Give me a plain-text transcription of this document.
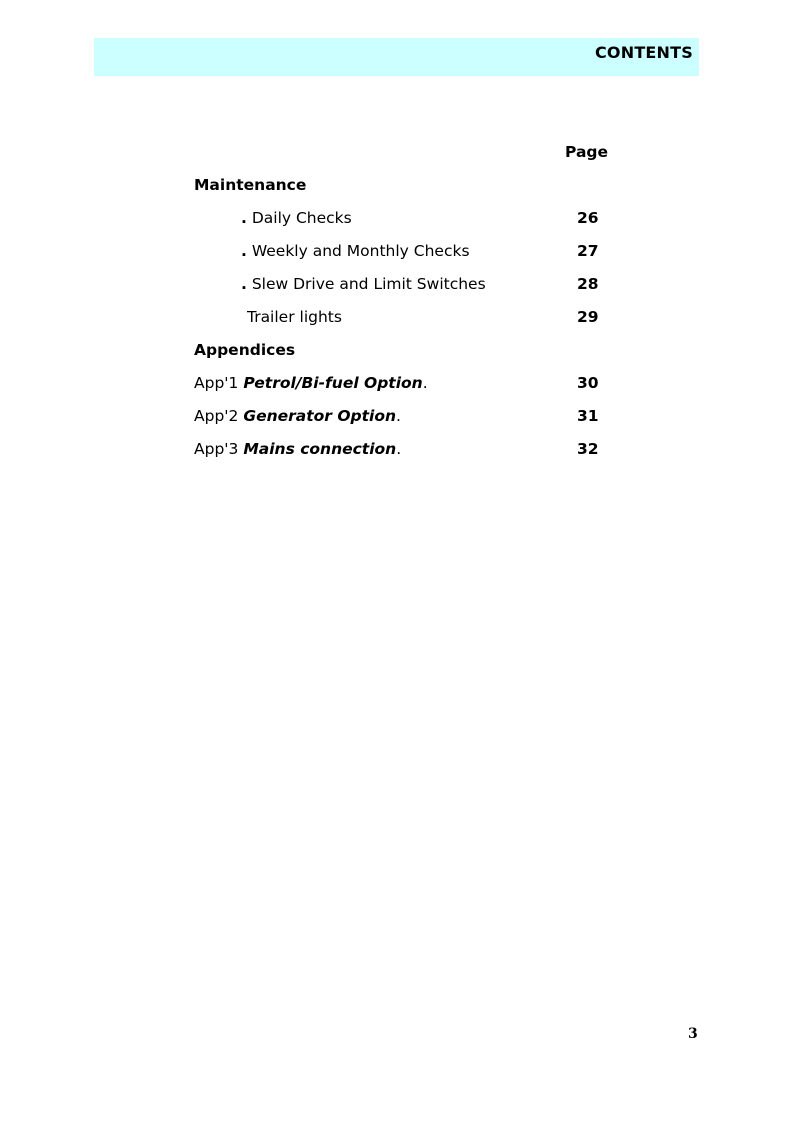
CONTENTS
Page
Maintenance
. Daily Checks	26
. Weekly and Monthly Checks	27
. Slew Drive and Limit Switches	28
Trailer lights	29
Appendices
App'1 Petrol/Bi-fuel Option.	30
App'2 Generator Option.	31
App'3 Mains connection.	32
3
